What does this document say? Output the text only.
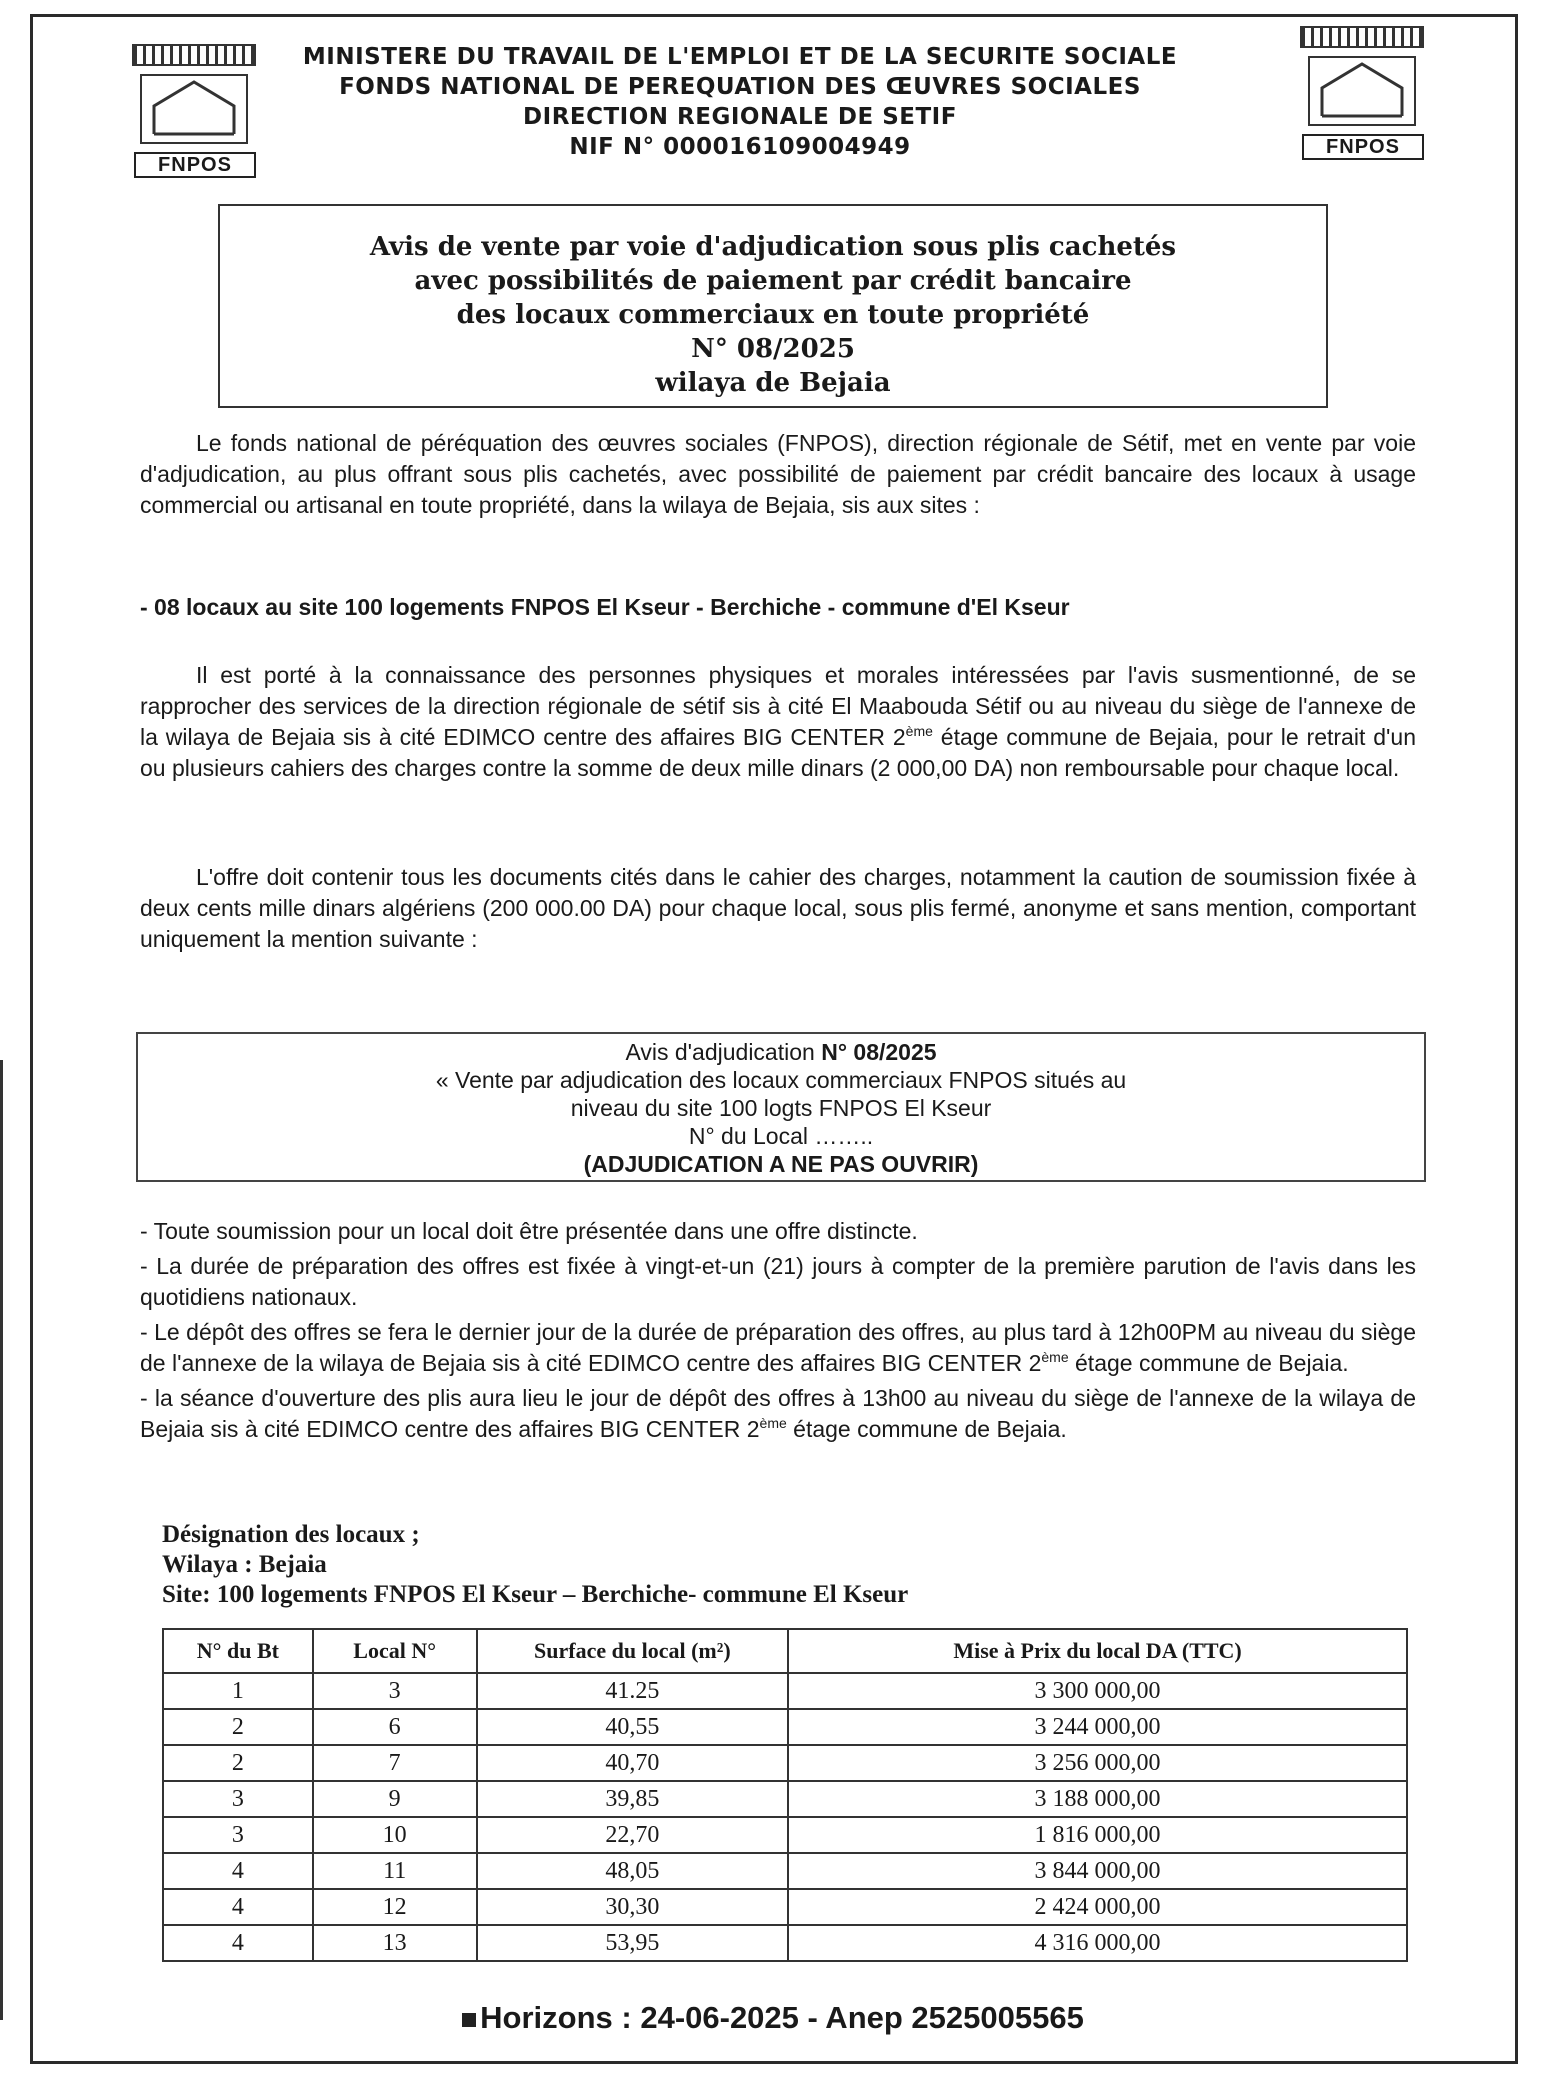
FNPOS
FNPOS
MINISTERE DU TRAVAIL DE L'EMPLOI ET DE LA SECURITE SOCIALE
FONDS NATIONAL DE PEREQUATION DES ŒUVRES SOCIALES
DIRECTION REGIONALE DE SETIF
NIF N° 000016109004949
Avis de vente par voie d'adjudication sous plis cachetés
avec possibilités de paiement par crédit bancaire
des locaux commerciaux en toute propriété
N° 08/2025
wilaya de Bejaia
Le fonds national de péréquation des œuvres sociales (FNPOS), direction régionale de Sétif, met en vente par voie d'adjudication, au plus offrant sous plis cachetés, avec possibilité de paiement par crédit bancaire des locaux à usage commercial ou artisanal en toute propriété, dans la wilaya de Bejaia, sis aux sites :
- 08 locaux au site 100 logements FNPOS El Kseur - Berchiche - commune d'El Kseur
Il est porté à la connaissance des personnes physiques et morales intéressées par l'avis susmentionné, de se rapprocher des services de la direction régionale de sétif sis à cité El Maabouda Sétif ou au niveau du siège de l'annexe de la wilaya de Bejaia sis à cité EDIMCO centre des affaires BIG CENTER 2ème étage commune de Bejaia, pour le retrait d'un ou plusieurs cahiers des charges contre la somme de deux mille dinars (2 000,00 DA) non remboursable pour chaque local.
L'offre doit contenir tous les documents cités dans le cahier des charges, notamment la caution de soumission fixée à deux cents mille dinars algériens (200 000.00 DA) pour chaque local, sous plis fermé, anonyme et sans mention, comportant uniquement la mention suivante :
Avis d'adjudication N° 08/2025
« Vente par adjudication des locaux commerciaux FNPOS situés au
niveau du site 100 logts FNPOS El Kseur
N° du Local ……..
(ADJUDICATION A NE PAS OUVRIR)

- Toute soumission pour un local doit être présentée dans une offre distincte.

- La durée de préparation des offres est fixée à vingt-et-un (21) jours à compter de la première parution de l'avis dans les quotidiens nationaux.

- Le dépôt des offres se fera le dernier jour de la durée de préparation des offres, au plus tard à 12h00PM au niveau du siège de l'annexe de la wilaya de Bejaia sis à cité EDIMCO centre des affaires BIG CENTER 2ème étage commune de Bejaia.

- la séance d'ouverture des plis aura lieu le jour de dépôt des offres à 13h00 au niveau du siège de l'annexe de la wilaya de Bejaia sis à cité EDIMCO centre des affaires BIG CENTER 2ème étage commune de Bejaia.

Désignation des locaux ;
Wilaya : Bejaia
Site: 100 logements FNPOS El Kseur – Berchiche- commune El Kseur
N° du Bt	Local N°	Surface du local (m²)	Mise à Prix du local DA (TTC)
1	3	41.25	3 300 000,00
2	6	40,55	3 244 000,00
2	7	40,70	3 256 000,00
3	9	39,85	3 188 000,00
3	10	22,70	1 816 000,00
4	11	48,05	3 844 000,00
4	12	30,30	2 424 000,00
4	13	53,95	4 316 000,00
Horizons : 24-06-2025 - Anep 2525005565
